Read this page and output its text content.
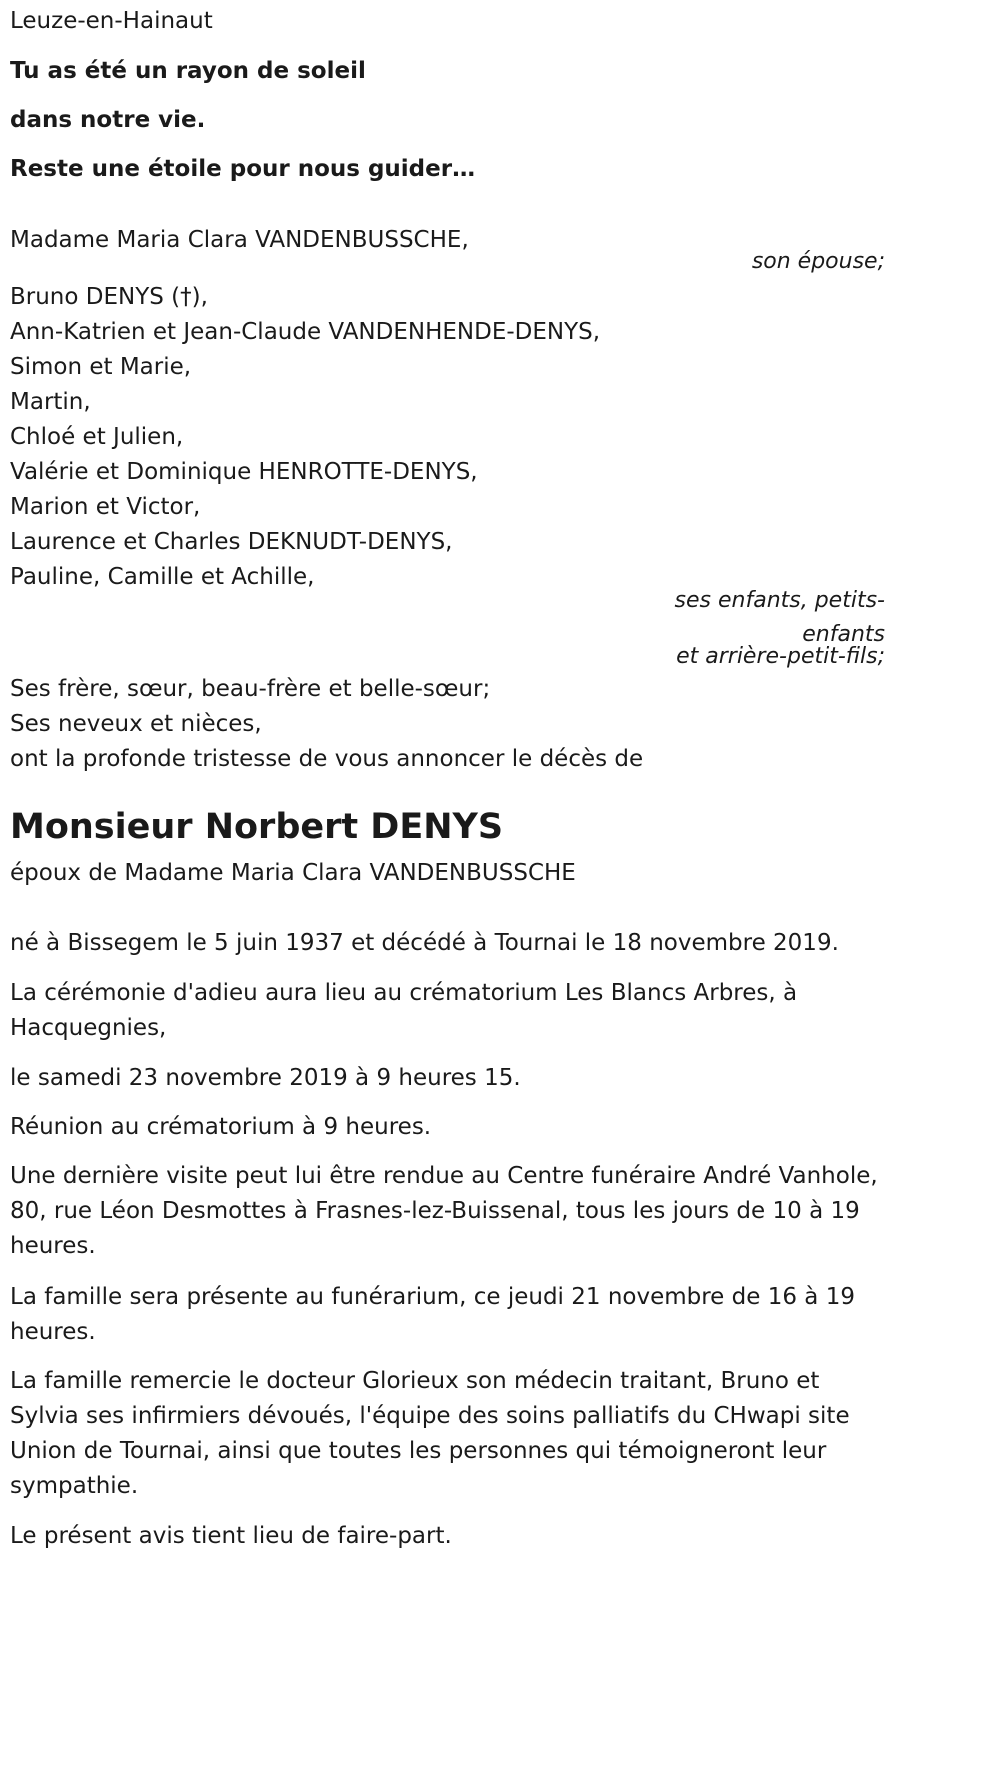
Leuze-en-Hainaut
Tu as été un rayon de soleil
dans notre vie.
Reste une étoile pour nous guider…
Madame Maria Clara VANDENBUSSCHE,
son épouse;
Bruno DENYS (†),
Ann-Katrien et Jean-Claude VANDENHENDE-DENYS,
Simon et Marie,
Martin,
Chloé et Julien,
Valérie et Dominique HENROTTE-DENYS,
Marion et Victor,
Laurence et Charles DEKNUDT-DENYS,
Pauline, Camille et Achille,
ses enfants, petits-
enfants
et arrière-petit-fils;
Ses frère, sœur, beau-frère et belle-sœur;
Ses neveux et nièces,
ont la profonde tristesse de vous annoncer le décès de
Monsieur Norbert DENYS
époux de Madame Maria Clara VANDENBUSSCHE
né à Bissegem le 5 juin 1937 et décédé à Tournai le 18 novembre 2019.
La cérémonie d'adieu aura lieu au crématorium Les Blancs Arbres, à Hacquegnies,
le samedi 23 novembre 2019 à 9 heures 15.
Réunion au crématorium à 9 heures.
Une dernière visite peut lui être rendue au Centre funéraire André Vanhole, 80, rue Léon Desmottes à Frasnes-lez-Buissenal, tous les jours de 10 à 19 heures.
La famille sera présente au funérarium, ce jeudi 21 novembre de 16 à 19 heures.
La famille remercie le docteur Glorieux son médecin traitant, Bruno et Sylvia ses infirmiers dévoués, l'équipe des soins palliatifs du CHwapi site Union de Tournai, ainsi que toutes les personnes qui témoigneront leur sympathie.
Le présent avis tient lieu de faire-part.
